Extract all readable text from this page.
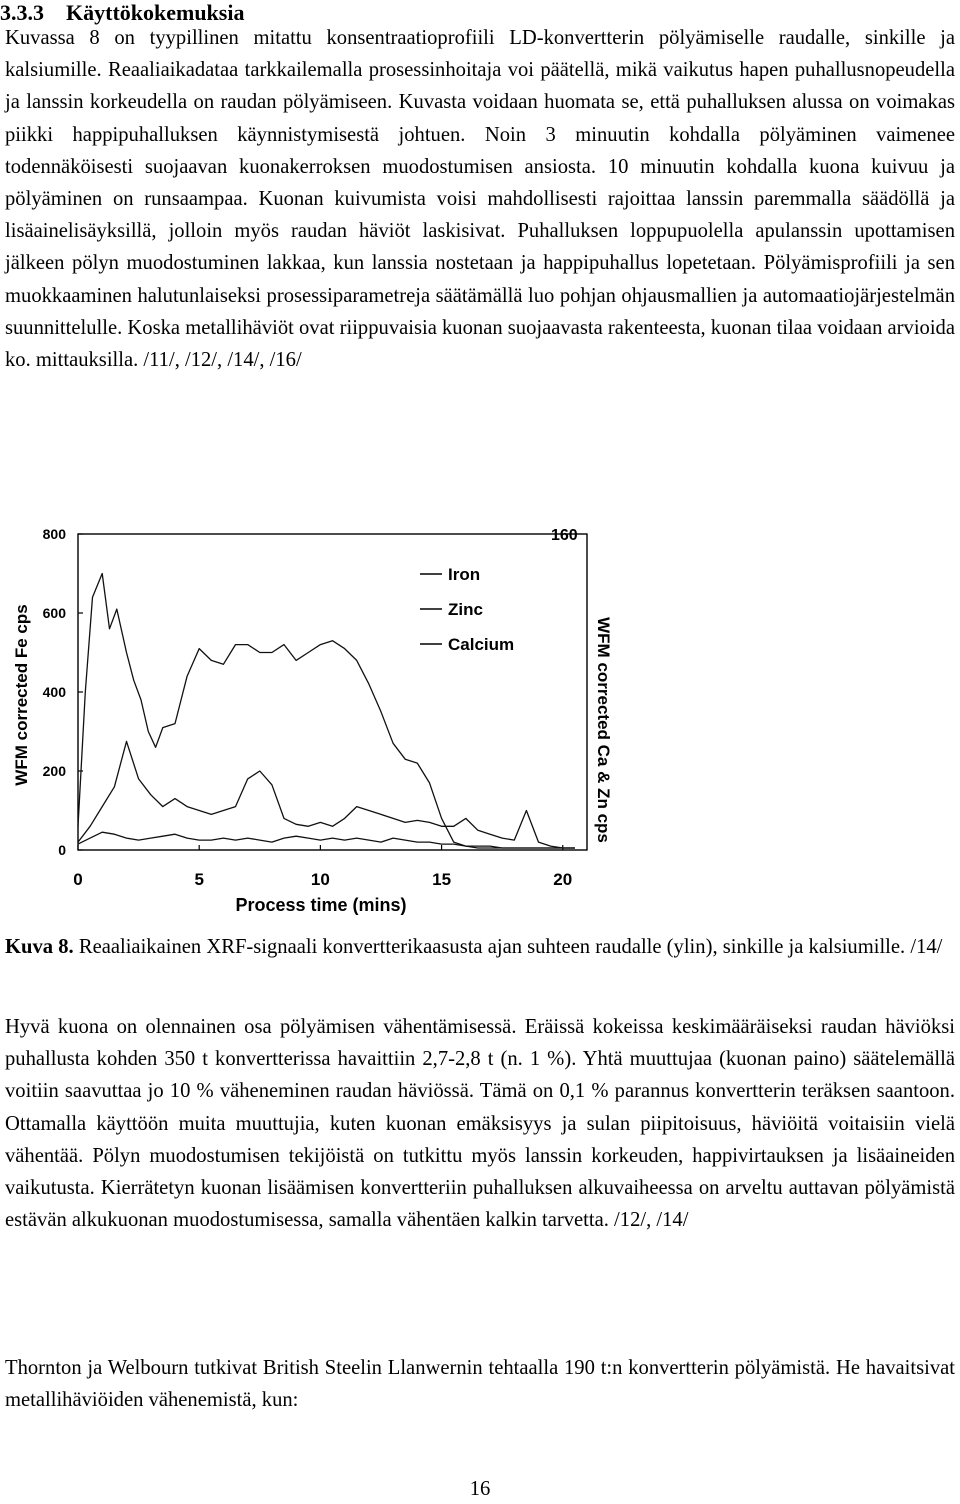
3.3.3 Käyttökokemuksia

Kuvassa 8 on tyypillinen mitattu konsentraatioprofiili LD-konvertterin pölyämiselle raudalle, sinkille ja kalsiumille. Reaaliaikadataa tarkkailemalla prosessinhoitaja voi päätellä, mikä vaikutus hapen puhallusnopeudella ja lanssin korkeudella on raudan pölyämiseen. Kuvasta voidaan huomata se, että puhalluksen alussa on voimakas piikki happipuhalluksen käynnistymisestä johtuen. Noin 3 minuutin kohdalla pölyäminen vaimenee todennäköisesti suojaavan kuonakerroksen muodostumisen ansiosta. 10 minuutin kohdalla kuona kuivuu ja pölyäminen on runsaampaa. Kuonan kuivumista voisi mahdollisesti rajoittaa lanssin paremmalla säädöllä ja lisäainelisäyksillä, jolloin myös raudan häviöt laskisivat. Puhalluksen loppupuolella apulanssin upottamisen jälkeen pölyn muodostuminen lakkaa, kun lanssia nostetaan ja happipuhallus lopetetaan. Pölyämisprofiili ja sen muokkaaminen halutunlaiseksi prosessiparametreja säätämällä luo pohjan ohjausmallien ja automaatiojärjestelmän suunnittelulle. Koska metallihäviöt ovat riippuvaisia kuonan suojaavasta rakenteesta, kuonan tilaa voidaan arvioida ko. mittauksilla. /11/, /12/, /14/, /16/

WFM corrected Fe cps	WFM corrected Ca & Zn cps
0
200
400
600
800	160
0	5	10	15	20
Iron
Zinc
Calcium
Process time (mins)

Kuva 8. Reaaliaikainen XRF-signaali konvertterikaasusta ajan suhteen raudalle (ylin), sinkille ja kalsiumille. /14/

Hyvä kuona on olennainen osa pölyämisen vähentämisessä. Eräissä kokeissa keskimääräiseksi raudan häviöksi puhallusta kohden 350 t konvertterissa havaittiin 2,7-2,8 t (n. 1 %). Yhtä muuttujaa (kuonan paino) säätelemällä voitiin saavuttaa jo 10 % väheneminen raudan häviössä. Tämä on 0,1 % parannus konvertterin teräksen saantoon. Ottamalla käyttöön muita muuttujia, kuten kuonan emäksisyys ja sulan piipitoisuus, häviöitä voitaisiin vielä vähentää. Pölyn muodostumisen tekijöistä on tutkittu myös lanssin korkeuden, happivirtauksen ja lisäaineiden vaikutusta. Kierrätetyn kuonan lisäämisen konvertteriin puhalluksen alkuvaiheessa on arveltu auttavan pölyämistä estävän alkukuonan muodostumisessa, samalla vähentäen kalkin tarvetta. /12/, /14/

Thornton ja Welbourn tutkivat British Steelin Llanwernin tehtaalla 190 t:n konvertterin pölyämistä. He havaitsivat metallihäviöiden vähenemistä, kun:

16
